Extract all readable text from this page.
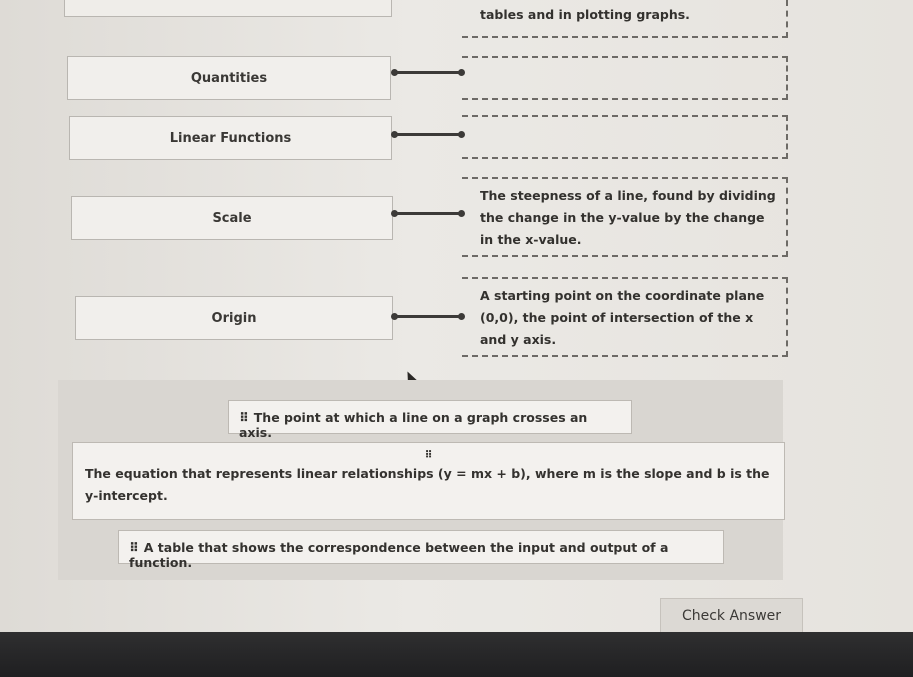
tables and in plotting graphs.
Quantities
Linear Functions
Scale
The steepness of a line, found by dividing the change in the y-value by the change in the x-value.
Origin
A starting point on the coordinate plane (0,0), the point of intersection of the x and y axis.
⠿ The point at which a line on a graph crosses an axis.
⠿
The equation that represents linear relationships (y = mx + b), where m is the slope and b is the y-intercept.
⠿ A table that shows the correspondence between the input and output of a function.
Check Answer
